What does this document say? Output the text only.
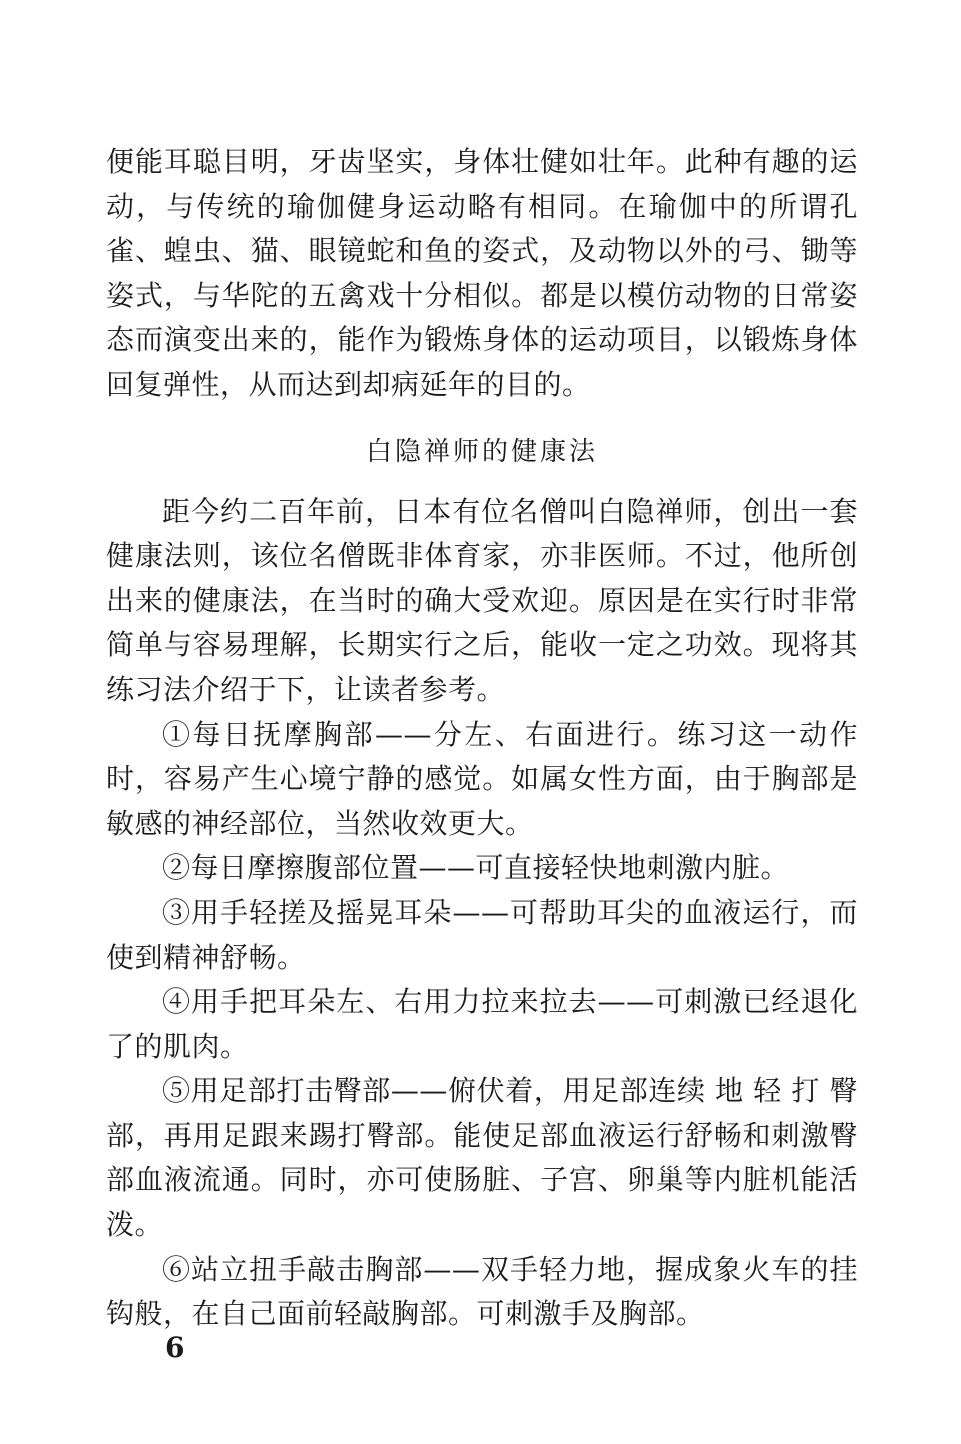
便能耳聪目明，牙齿坚实，身体壮健如壮年。此种有趣的运动，与传统的瑜伽健身运动略有相同。在瑜伽中的所谓孔雀、蝗虫、猫、眼镜蛇和鱼的姿式，及动物以外的弓、锄等姿式，与华陀的五禽戏十分相似。都是以模仿动物的日常姿态而演变出来的，能作为锻炼身体的运动项目，以锻炼身体回复弹性，从而达到却病延年的目的。

白隐禅师的健康法

距今约二百年前，日本有位名僧叫白隐禅师，创出一套健康法则，该位名僧既非体育家，亦非医师。不过，他所创出来的健康法，在当时的确大受欢迎。原因是在实行时非常简单与容易理解，长期实行之后，能收一定之功效。现将其练习法介绍于下，让读者参考。

①每日抚摩胸部——分左、右面进行。练习这一动作时，容易产生心境宁静的感觉。如属女性方面，由于胸部是敏感的神经部位，当然收效更大。

②每日摩擦腹部位置——可直接轻快地刺激内脏。

③用手轻搓及摇晃耳朵——可帮助耳尖的血液运行，而使到精神舒畅。

④用手把耳朵左、右用力拉来拉去——可刺激已经退化了的肌肉。

⑤用足部打击臀部——俯伏着，用足部连续 地 轻 打 臀部，再用足跟来踢打臀部。能使足部血液运行舒畅和刺激臀部血液流通。同时，亦可使肠脏、子宫、卵巢等内脏机能活泼。

⑥站立扭手敲击胸部——双手轻力地，握成象火车的挂钩般，在自己面前轻敲胸部。可刺激手及胸部。

6
